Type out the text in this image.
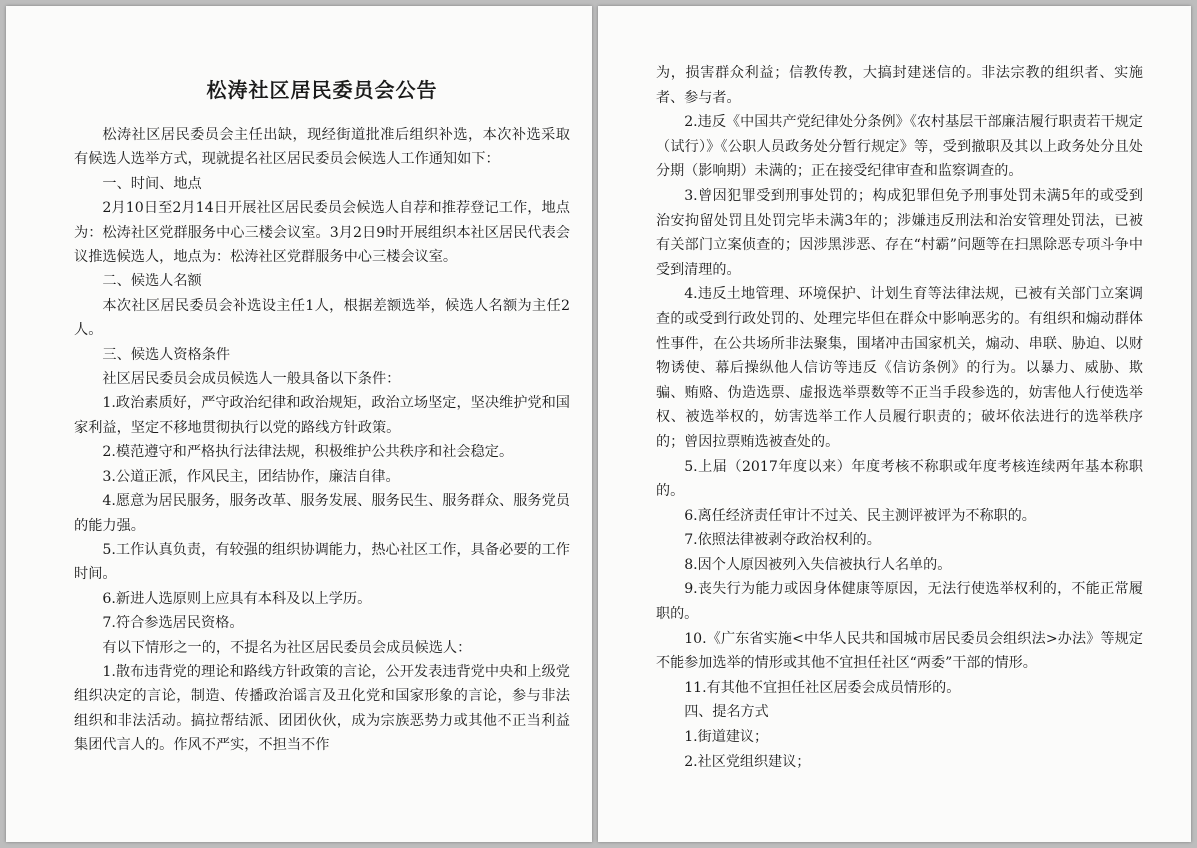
松涛社区居民委员会公告

松涛社区居民委员会主任出缺，现经街道批准后组织补选，本次补选采取有候选人选举方式，现就提名社区居民委员会候选人工作通知如下：

一、时间、地点

2月10日至2月14日开展社区居民委员会候选人自荐和推荐登记工作，地点为：松涛社区党群服务中心三楼会议室。3月2日9时开展组织本社区居民代表会议推选候选人，地点为：松涛社区党群服务中心三楼会议室。

二、候选人名额

本次社区居民委员会补选设主任1人，根据差额选举，候选人名额为主任2人。

三、候选人资格条件

社区居民委员会成员候选人一般具备以下条件：

1.政治素质好，严守政治纪律和政治规矩，政治立场坚定，坚决维护党和国家利益，坚定不移地贯彻执行以党的路线方针政策。

2.模范遵守和严格执行法律法规，积极维护公共秩序和社会稳定。

3.公道正派，作风民主，团结协作，廉洁自律。

4.愿意为居民服务，服务改革、服务发展、服务民生、服务群众、服务党员的能力强。

5.工作认真负责，有较强的组织协调能力，热心社区工作，具备必要的工作时间。

6.新进人选原则上应具有本科及以上学历。

7.符合参选居民资格。

有以下情形之一的，不提名为社区居民委员会成员候选人：

1.散布违背党的理论和路线方针政策的言论，公开发表违背党中央和上级党组织决定的言论，制造、传播政治谣言及丑化党和国家形象的言论，参与非法组织和非法活动。搞拉帮结派、团团伙伙，成为宗族恶势力或其他不正当利益集团代言人的。作风不严实，不担当不作

为，损害群众利益；信教传教，大搞封建迷信的。非法宗教的组织者、实施者、参与者。

2.违反《中国共产党纪律处分条例》《农村基层干部廉洁履行职责若干规定（试行）》《公职人员政务处分暂行规定》等，受到撤职及其以上政务处分且处分期（影响期）未满的；正在接受纪律审查和监察调查的。

3.曾因犯罪受到刑事处罚的；构成犯罪但免予刑事处罚未满5年的或受到治安拘留处罚且处罚完毕未满3年的；涉嫌违反刑法和治安管理处罚法，已被有关部门立案侦查的；因涉黑涉恶、存在“村霸”问题等在扫黑除恶专项斗争中受到清理的。

4.违反土地管理、环境保护、计划生育等法律法规，已被有关部门立案调查的或受到行政处罚的、处理完毕但在群众中影响恶劣的。有组织和煽动群体性事件，在公共场所非法聚集，围堵冲击国家机关，煽动、串联、胁迫、以财物诱使、幕后操纵他人信访等违反《信访条例》的行为。以暴力、威胁、欺骗、贿赂、伪造选票、虚报选举票数等不正当手段参选的，妨害他人行使选举权、被选举权的，妨害选举工作人员履行职责的；破坏依法进行的选举秩序的；曾因拉票贿选被查处的。

5.上届（2017年度以来）年度考核不称职或年度考核连续两年基本称职的。

6.离任经济责任审计不过关、民主测评被评为不称职的。

7.依照法律被剥夺政治权利的。

8.因个人原因被列入失信被执行人名单的。

9.丧失行为能力或因身体健康等原因，无法行使选举权利的，不能正常履职的。

10.《广东省实施<中华人民共和国城市居民委员会组织法>办法》等规定不能参加选举的情形或其他不宜担任社区“两委”干部的情形。

11.有其他不宜担任社区居委会成员情形的。

四、提名方式

1.街道建议；

2.社区党组织建议；
